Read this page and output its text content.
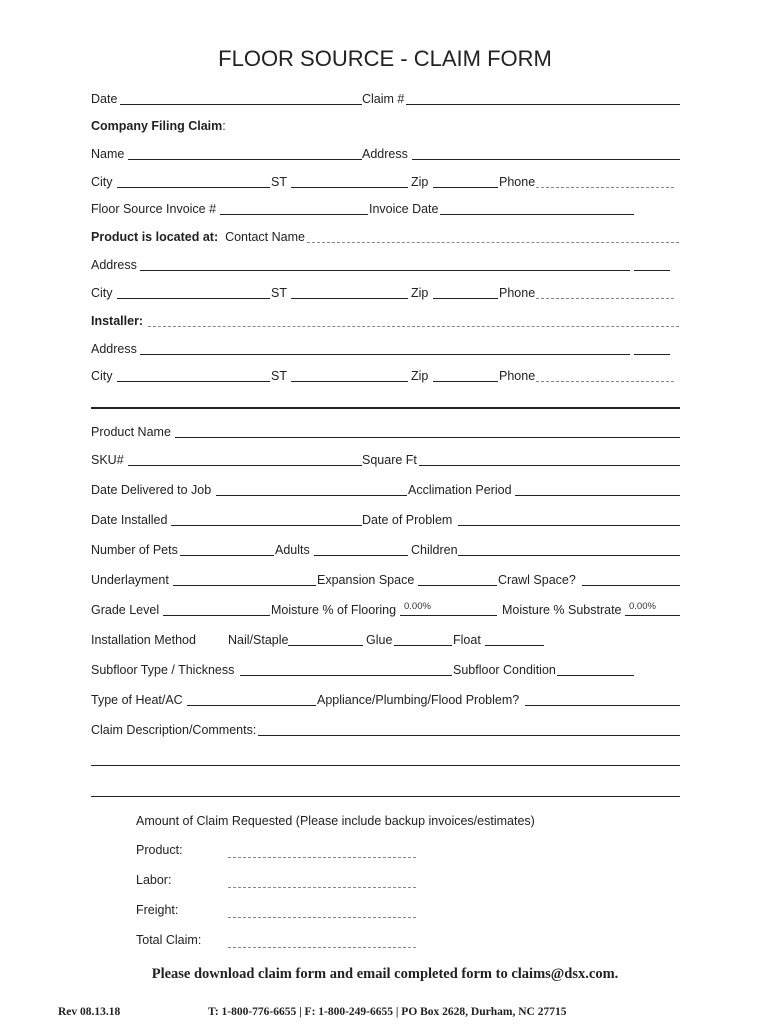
FLOOR SOURCE - CLAIM FORM
Date	Claim #
Company Filing Claim:
Name	Address
City	ST	Zip	Phone
Floor Source Invoice #	Invoice Date
Product is located at: Contact Name
Address
City	ST	Zip	Phone
Installer:
Address
City	ST	Zip	Phone
Product Name
SKU#	Square Ft
Date Delivered to Job	Acclimation Period
Date Installed	Date of Problem
Number of Pets	Adults	Children
Underlayment	Expansion Space	Crawl Space?
Grade Level	Moisture % of Flooring 0.00%	Moisture % Substrate 0.00%
Installation Method	Nail/Staple	Glue	Float
Subfloor Type / Thickness	Subfloor Condition
Type of Heat/AC	Appliance/Plumbing/Flood Problem?
Claim Description/Comments:
Amount of Claim Requested (Please include backup invoices/estimates)
Product:
Labor:
Freight:
Total Claim:
Please download claim form and email completed form to claims@dsx.com.
Rev 08.13.18	T: 1-800-776-6655 | F: 1-800-249-6655 | PO Box 2628, Durham, NC 27715
